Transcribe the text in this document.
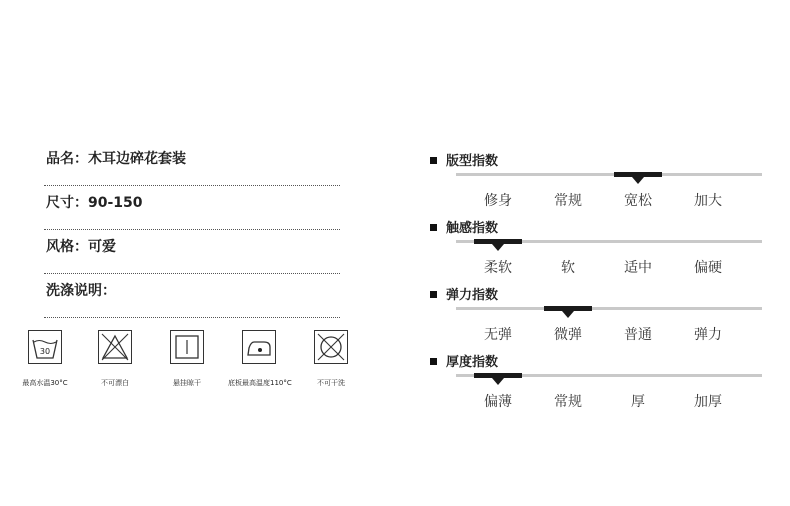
品名：木耳边碎花套装
尺寸：90-150
风格：可爱
洗涤说明：
30
最高水温30°C	不可漂白	悬挂晾干	底板最高温度110°C	不可干洗
版型指数
修身	常规	宽松	加大
触感指数
柔软	软	适中	偏硬
弹力指数
无弹	微弹	普通	弹力
厚度指数
偏薄	常规	厚	加厚
